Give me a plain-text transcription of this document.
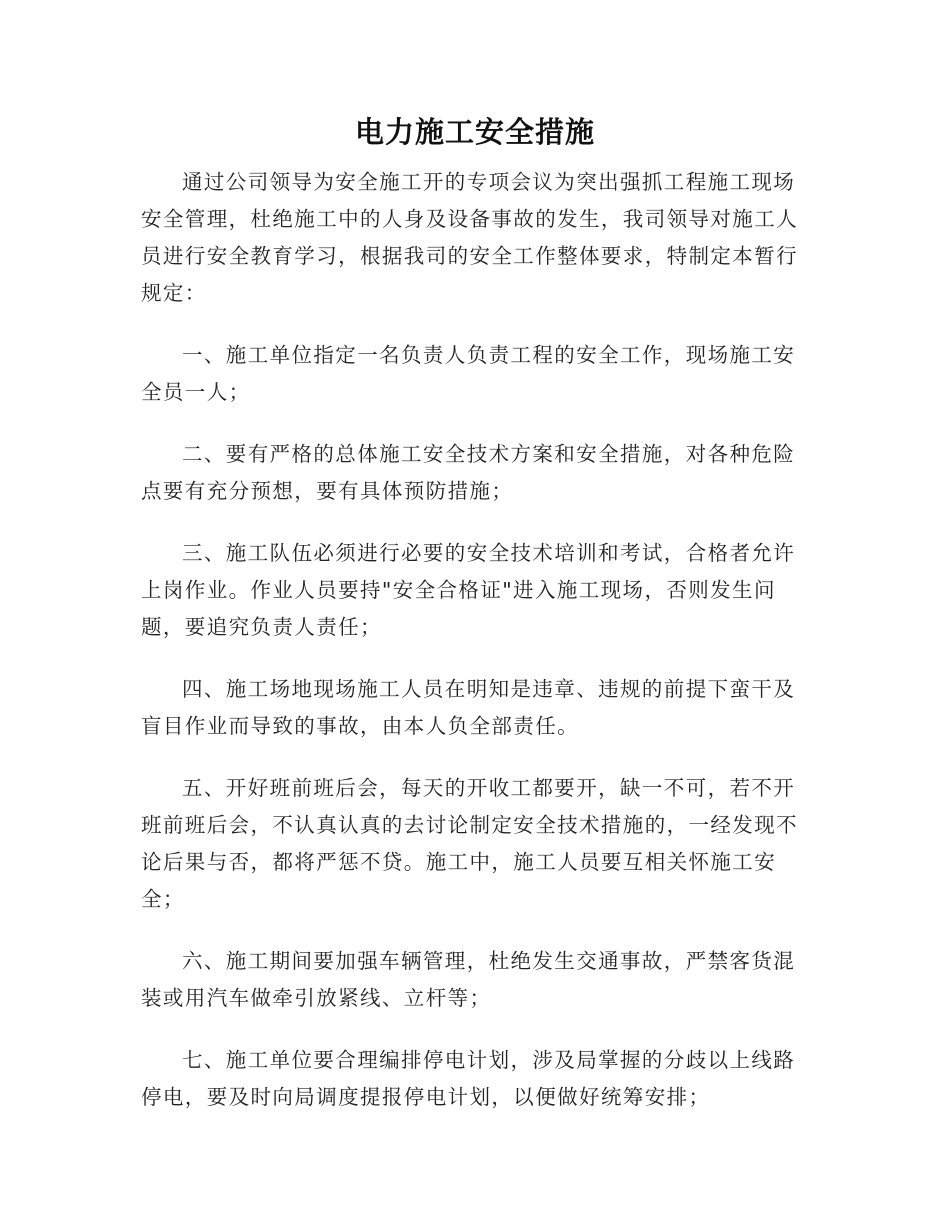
电力施工安全措施

通过公司领导为安全施工开的专项会议为突出强抓工程施工现场安全管理，杜绝施工中的人身及设备事故的发生，我司领导对施工人员进行安全教育学习，根据我司的安全工作整体要求，特制定本暂行规定：

一、施工单位指定一名负责人负责工程的安全工作，现场施工安全员一人；

二、要有严格的总体施工安全技术方案和安全措施，对各种危险点要有充分预想，要有具体预防措施；

三、施工队伍必须进行必要的安全技术培训和考试，合格者允许上岗作业。作业人员要持"安全合格证"进入施工现场，否则发生问题，要追究负责人责任；

四、施工场地现场施工人员在明知是违章、违规的前提下蛮干及盲目作业而导致的事故，由本人负全部责任。

五、开好班前班后会，每天的开收工都要开，缺一不可，若不开班前班后会，不认真认真的去讨论制定安全技术措施的，一经发现不论后果与否，都将严惩不贷。施工中，施工人员要互相关怀施工安全；

六、施工期间要加强车辆管理，杜绝发生交通事故，严禁客货混装或用汽车做牵引放紧线、立杆等；

七、施工单位要合理编排停电计划，涉及局掌握的分歧以上线路停电，要及时向局调度提报停电计划，以便做好统筹安排；
